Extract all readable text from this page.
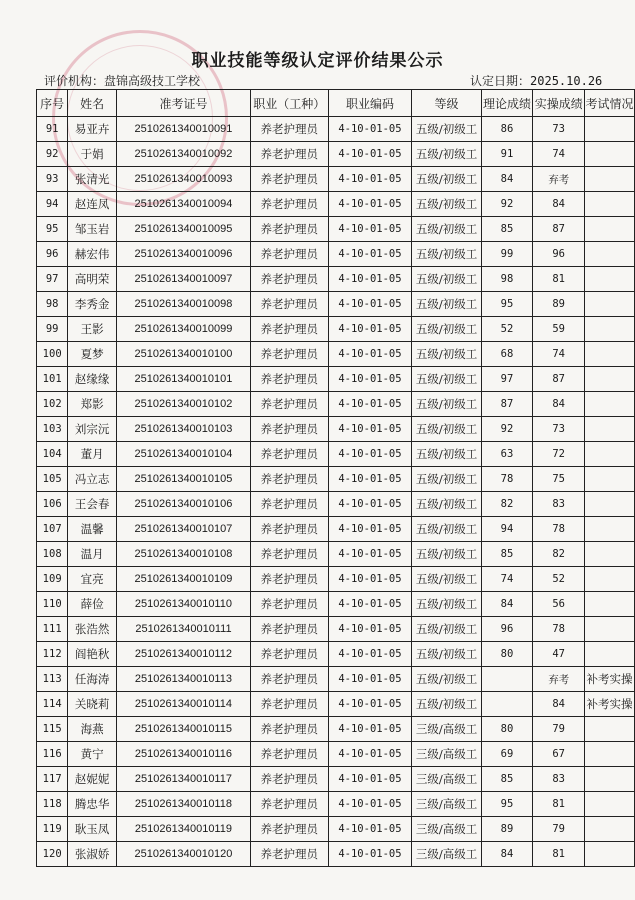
职业技能等级认定评价结果公示
评价机构：盘锦高级技工学校	认定日期：2025.10.26
序号	姓名	准考证号	职业（工种）	职业编码	等级	理论成绩	实操成绩	考试情况
91	易亚卉	2510261340010091	养老护理员	4-10-01-05	五级/初级工	86	73	
92	于娟	2510261340010092	养老护理员	4-10-01-05	五级/初级工	91	74	
93	张清光	2510261340010093	养老护理员	4-10-01-05	五级/初级工	84	弃考	
94	赵连凤	2510261340010094	养老护理员	4-10-01-05	五级/初级工	92	84	
95	邹玉岩	2510261340010095	养老护理员	4-10-01-05	五级/初级工	85	87	
96	赫宏伟	2510261340010096	养老护理员	4-10-01-05	五级/初级工	99	96	
97	高明荣	2510261340010097	养老护理员	4-10-01-05	五级/初级工	98	81	
98	李秀金	2510261340010098	养老护理员	4-10-01-05	五级/初级工	95	89	
99	王影	2510261340010099	养老护理员	4-10-01-05	五级/初级工	52	59	
100	夏梦	2510261340010100	养老护理员	4-10-01-05	五级/初级工	68	74	
101	赵缘缘	2510261340010101	养老护理员	4-10-01-05	五级/初级工	97	87	
102	郑影	2510261340010102	养老护理员	4-10-01-05	五级/初级工	87	84	
103	刘宗沅	2510261340010103	养老护理员	4-10-01-05	五级/初级工	92	73	
104	董月	2510261340010104	养老护理员	4-10-01-05	五级/初级工	63	72	
105	冯立志	2510261340010105	养老护理员	4-10-01-05	五级/初级工	78	75	
106	王会春	2510261340010106	养老护理员	4-10-01-05	五级/初级工	82	83	
107	温馨	2510261340010107	养老护理员	4-10-01-05	五级/初级工	94	78	
108	温月	2510261340010108	养老护理员	4-10-01-05	五级/初级工	85	82	
109	宜亮	2510261340010109	养老护理员	4-10-01-05	五级/初级工	74	52	
110	薛俭	2510261340010110	养老护理员	4-10-01-05	五级/初级工	84	56	
111	张浩然	2510261340010111	养老护理员	4-10-01-05	五级/初级工	96	78	
112	阎艳秋	2510261340010112	养老护理员	4-10-01-05	五级/初级工	80	47	
113	任海涛	2510261340010113	养老护理员	4-10-01-05	五级/初级工		弃考	补考实操
114	关晓莉	2510261340010114	养老护理员	4-10-01-05	五级/初级工		84	补考实操
115	海燕	2510261340010115	养老护理员	4-10-01-05	三级/高级工	80	79	
116	黄宁	2510261340010116	养老护理员	4-10-01-05	三级/高级工	69	67	
117	赵妮妮	2510261340010117	养老护理员	4-10-01-05	三级/高级工	85	83	
118	腾忠华	2510261340010118	养老护理员	4-10-01-05	三级/高级工	95	81	
119	耿玉凤	2510261340010119	养老护理员	4-10-01-05	三级/高级工	89	79	
120	张淑娇	2510261340010120	养老护理员	4-10-01-05	三级/高级工	84	81	
